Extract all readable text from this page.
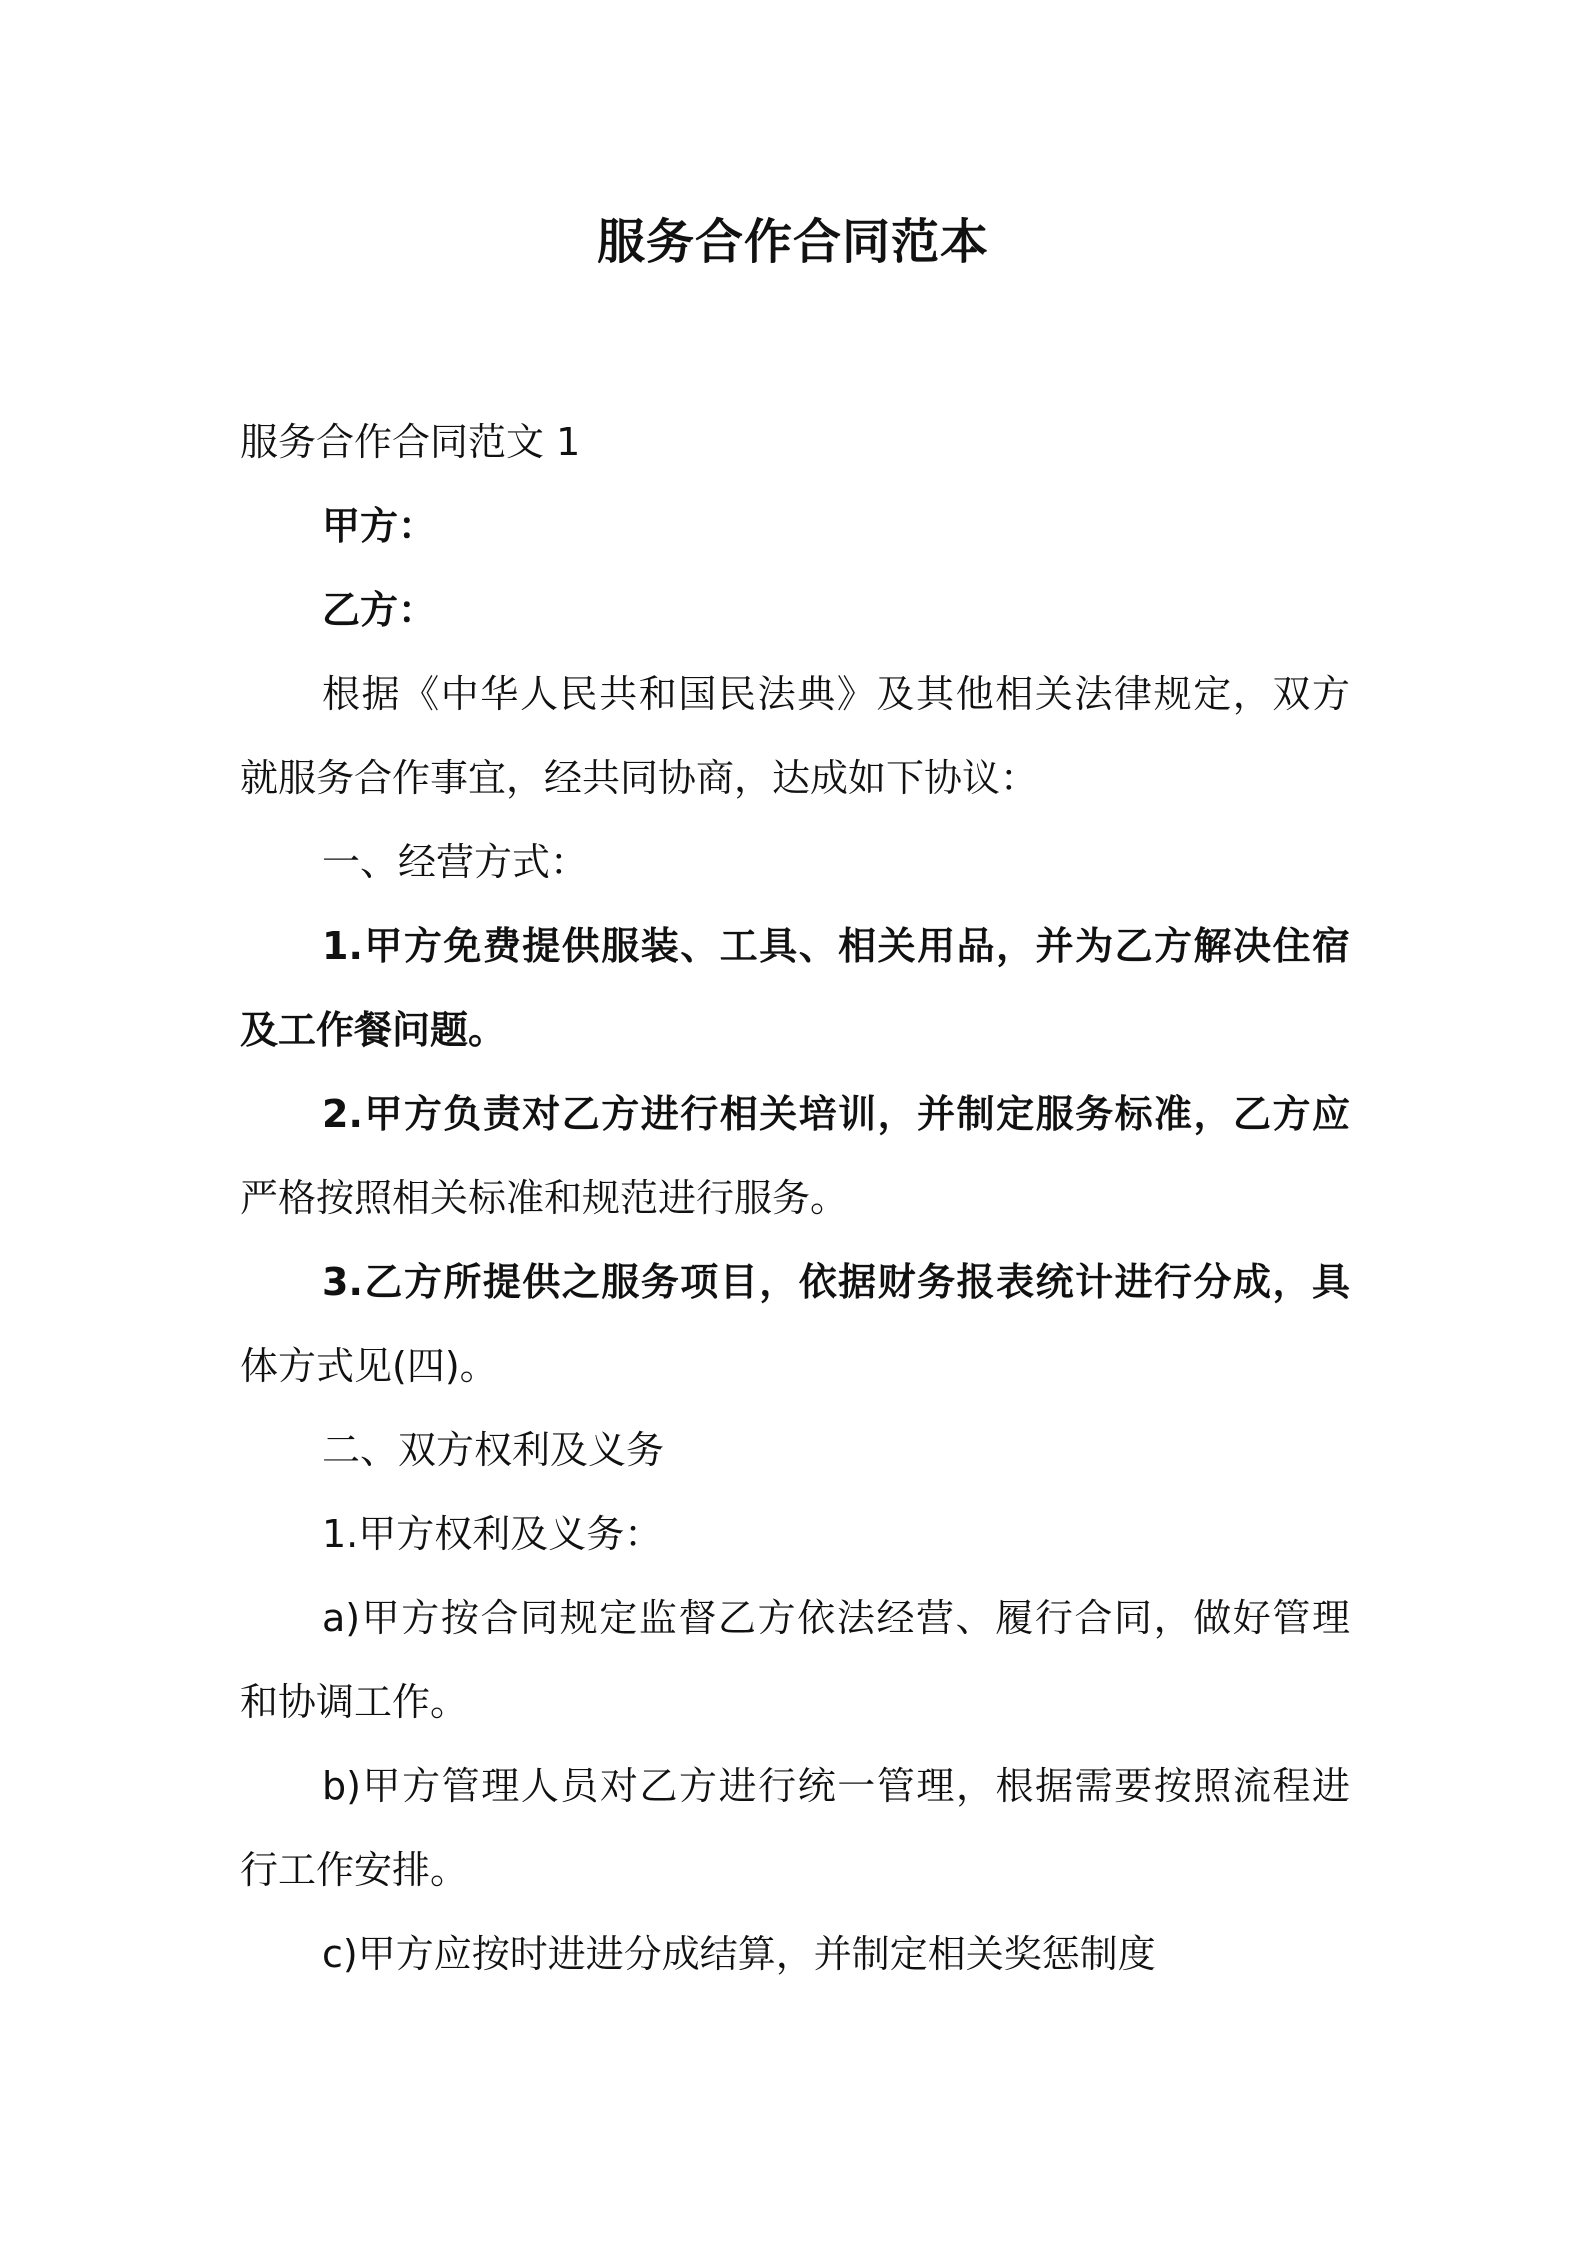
服务合作合同范本
服务合作合同范文 1
甲方：
乙方：
根据《中华人民共和国民法典》及其他相关法律规定，双方
就服务合作事宜，经共同协商，达成如下协议：
一、经营方式：
1.甲方免费提供服装、工具、相关用品，并为乙方解决住宿
及工作餐问题。
2.甲方负责对乙方进行相关培训，并制定服务标准，乙方应
严格按照相关标准和规范进行服务。
3.乙方所提供之服务项目，依据财务报表统计进行分成，具
体方式见(四)。
二、双方权利及义务
1.甲方权利及义务：
a)甲方按合同规定监督乙方依法经营、履行合同，做好管理
和协调工作。
b)甲方管理人员对乙方进行统一管理，根据需要按照流程进
行工作安排。
c)甲方应按时进进分成结算，并制定相关奖惩制度
